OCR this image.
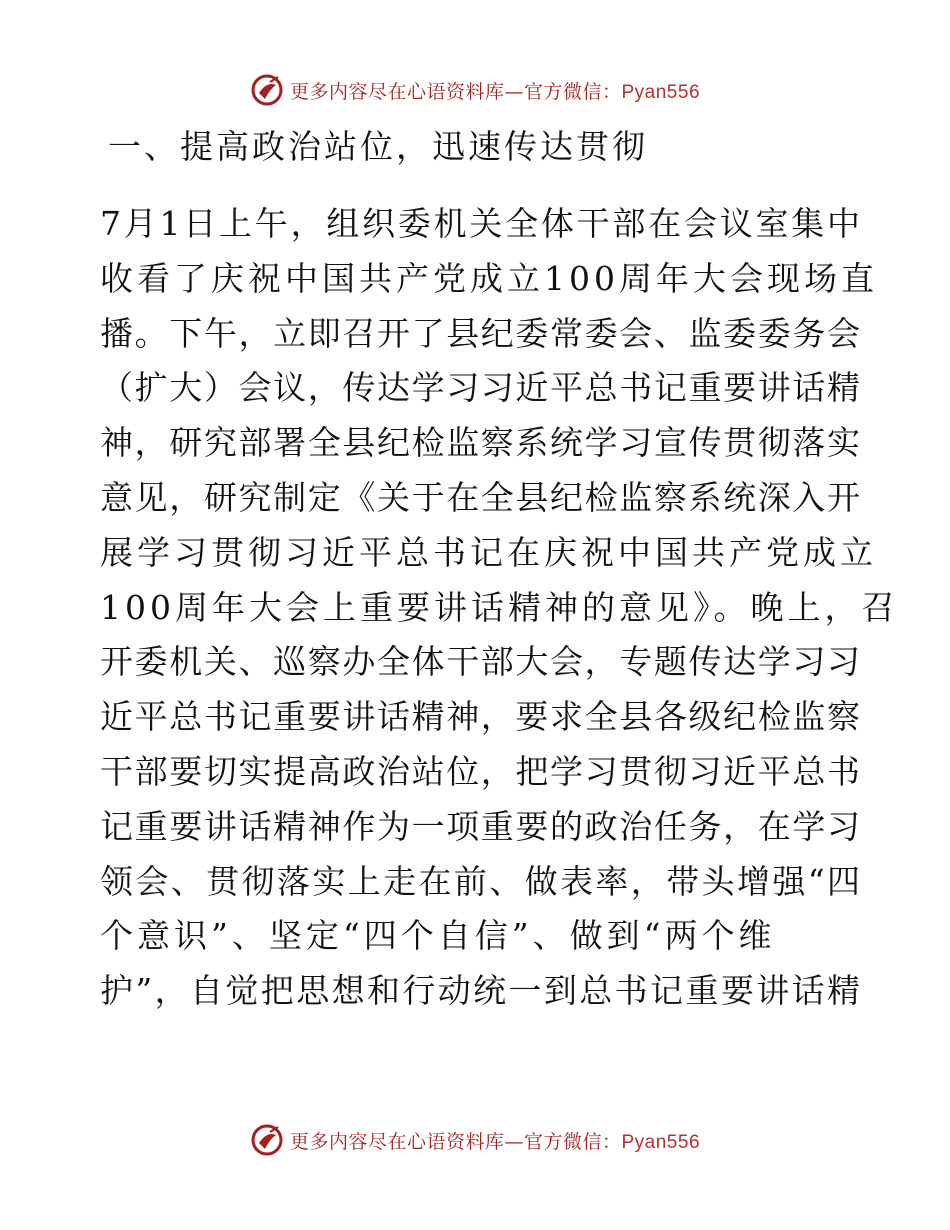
更多内容尽在心语资料库—官方微信：Pyan556
一、提高政治站位，迅速传达贯彻
7月1日上午，组织委机关全体干部在会议室集中
收看了庆祝中国共产党成立100周年大会现场直
播。下午，立即召开了县纪委常委会、监委委务会
（扩大）会议，传达学习习近平总书记重要讲话精
神，研究部署全县纪检监察系统学习宣传贯彻落实
意见，研究制定《关于在全县纪检监察系统深入开
展学习贯彻习近平总书记在庆祝中国共产党成立
100周年大会上重要讲话精神的意见》。晚上，召
开委机关、巡察办全体干部大会，专题传达学习习
近平总书记重要讲话精神，要求全县各级纪检监察
干部要切实提高政治站位，把学习贯彻习近平总书
记重要讲话精神作为一项重要的政治任务，在学习
领会、贯彻落实上走在前、做表率，带头增强“四
个意识”、坚定“四个自信”、做到“两个维
护”，自觉把思想和行动统一到总书记重要讲话精
更多内容尽在心语资料库—官方微信：Pyan556
